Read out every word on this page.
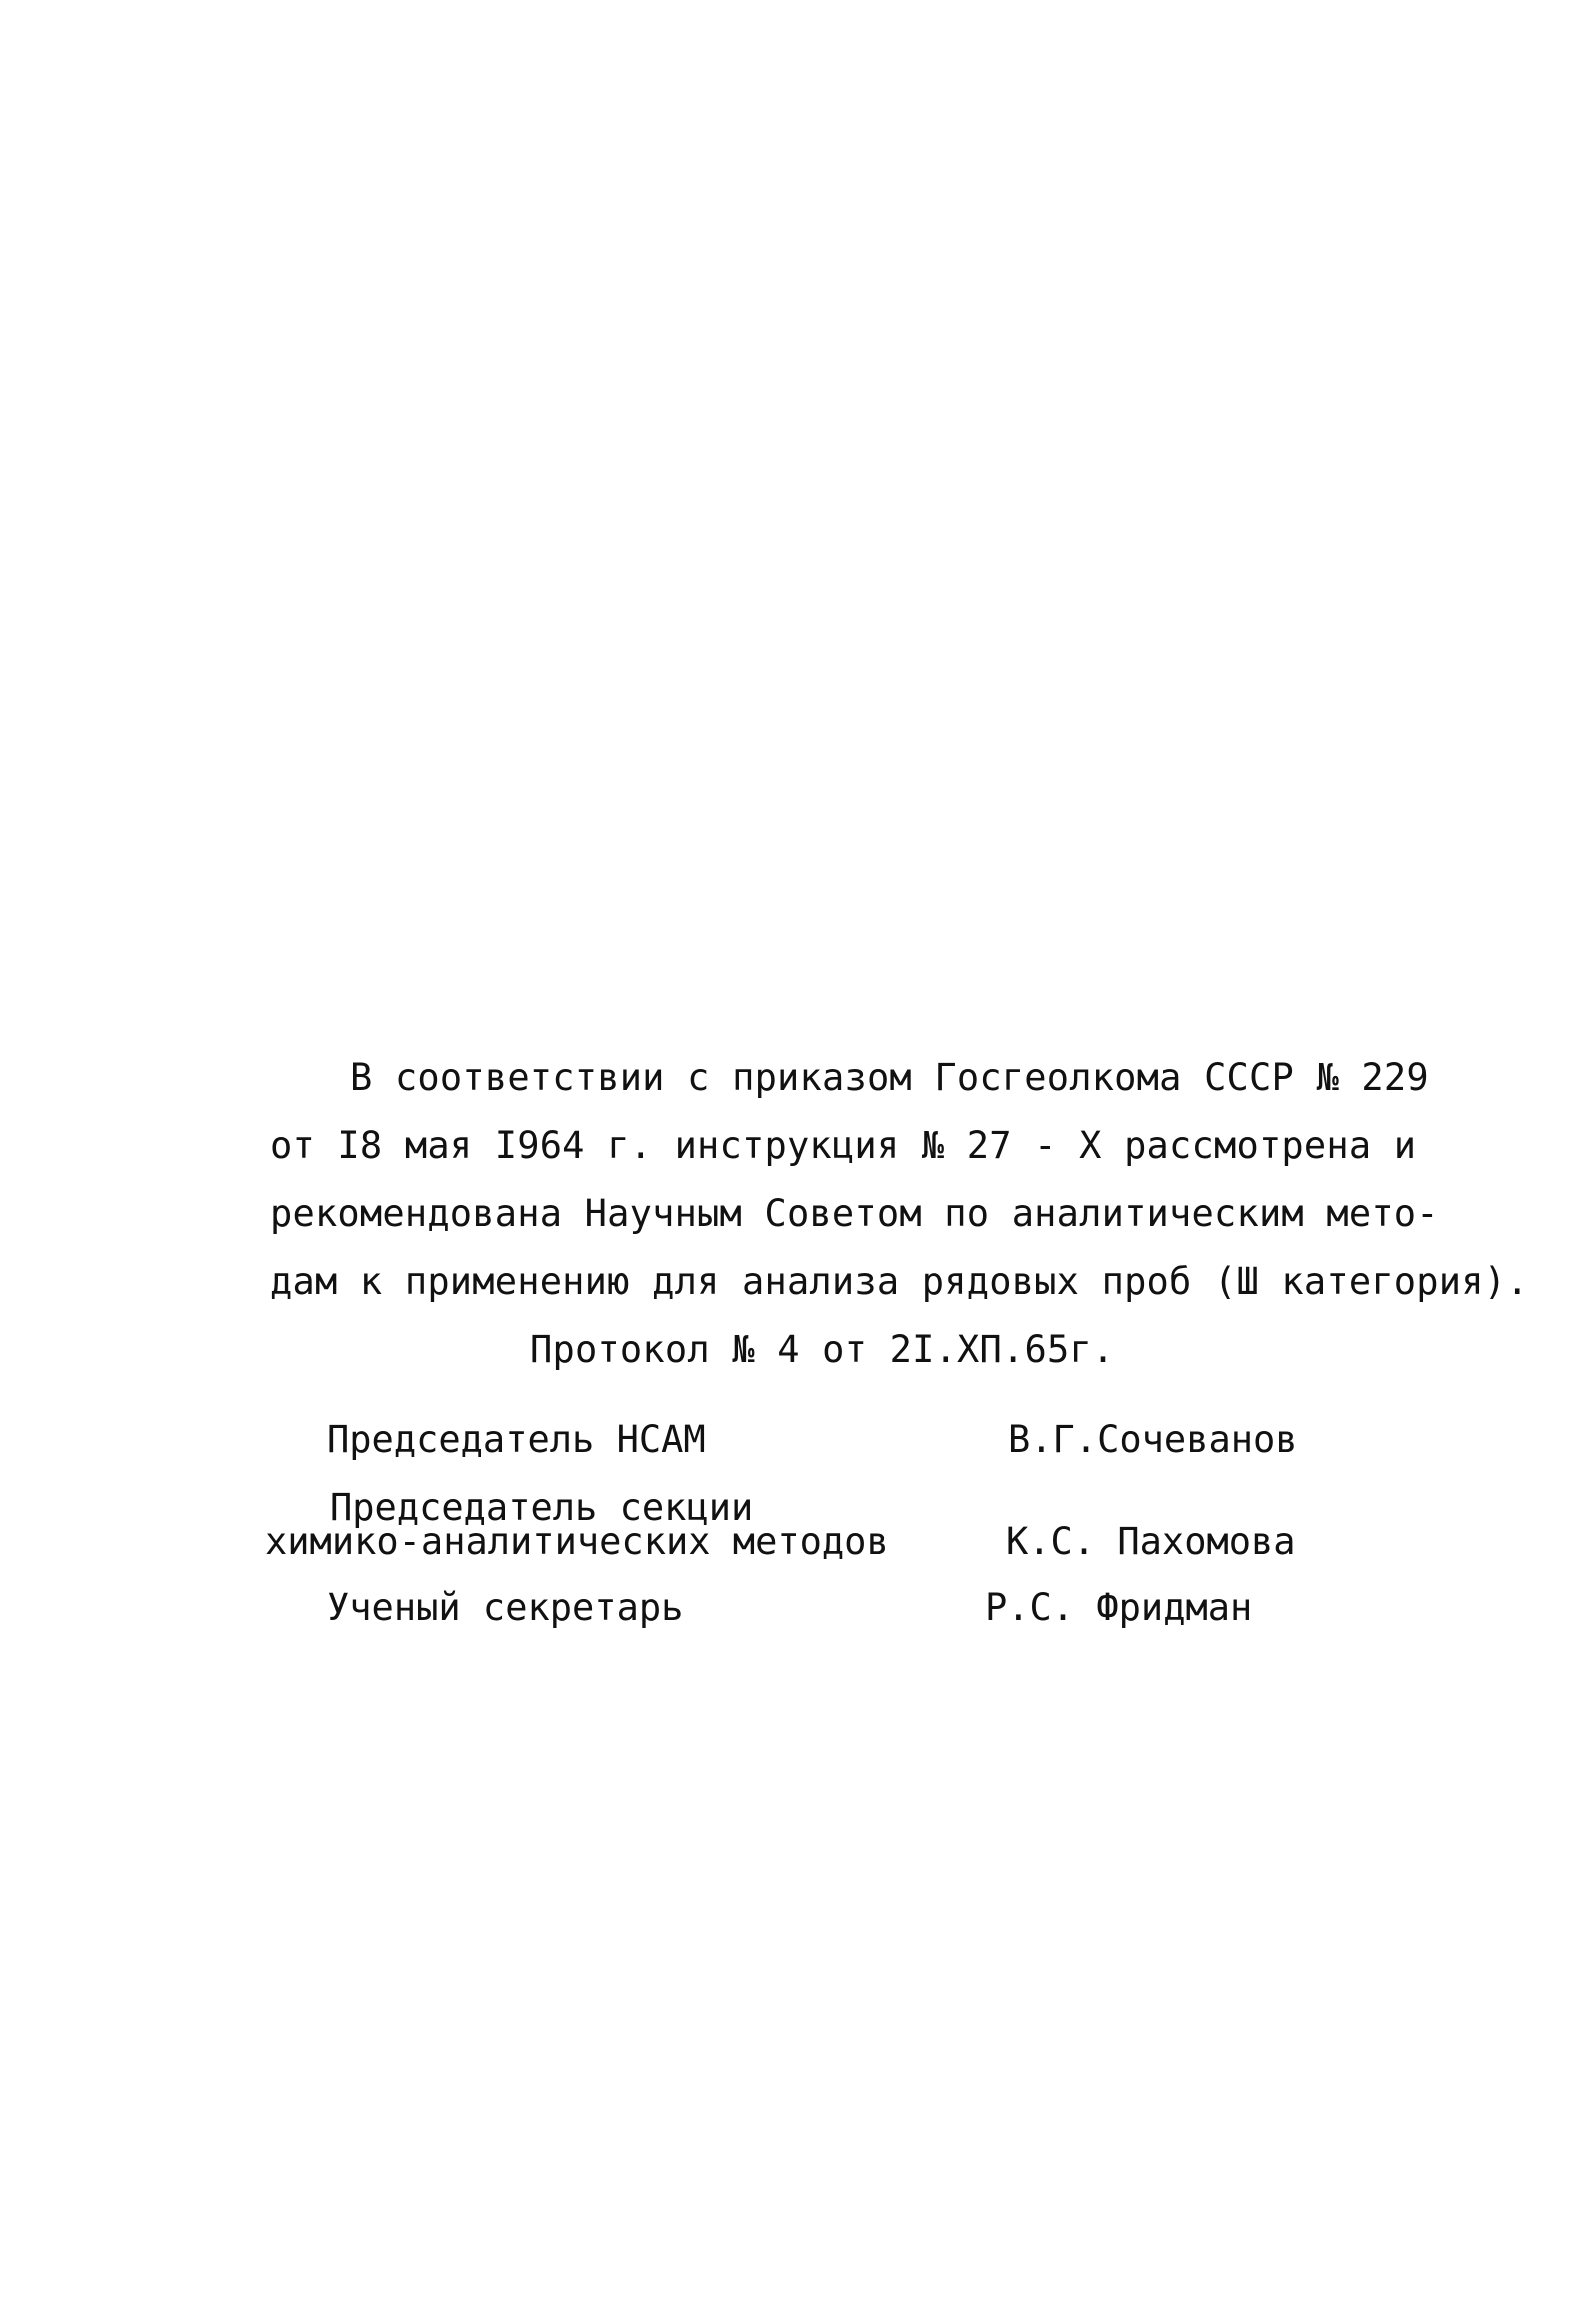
В соответствии с приказом Госгеолкома СССР № 229
от I8 мая I964 г. инструкция № 27 - X рассмотрена и
рекомендована Научным Советом по аналитическим мето-
дам к применению для анализа рядовых проб (Ш категория).
Протокол № 4 от 2I.XП.65г.
Председатель НСАМ	В.Г.Сочеванов
Председатель секции
химико-аналитических методов	К.С. Пахомова
Ученый секретарь	Р.С. Фридман
